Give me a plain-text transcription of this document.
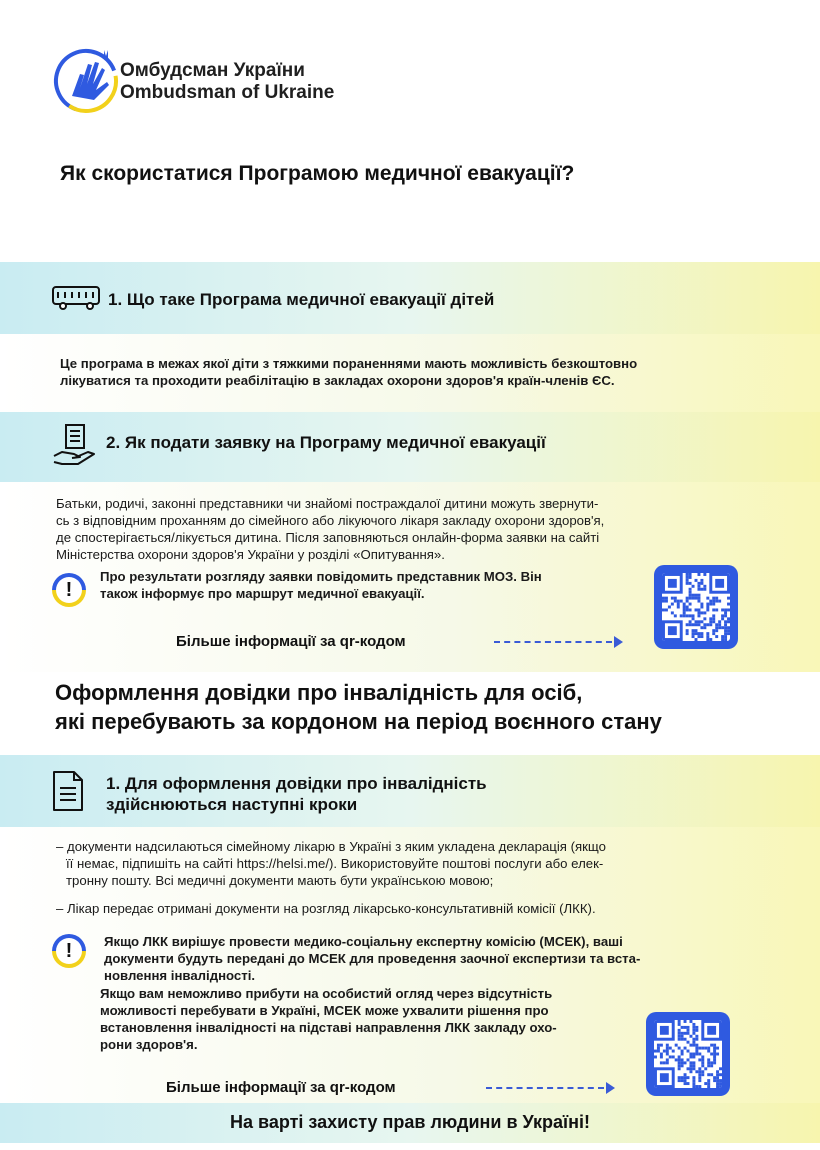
Омбудсман України
Ombudsman of Ukraine
Як скористатися Програмою медичної евакуації?
1. Що таке Програма медичної евакуації дітей
Це програма в межах якої діти з тяжкими пораненнями мають можливість безкоштовно
лікуватися та проходити реабілітацію в закладах охорони здоров'я країн-членів ЄС.
2. Як подати заявку на Програму медичної евакуації
Батьки, родичі, законні представники чи знайомі постраждалої дитини можуть звернути-
сь з відповідним проханням до сімейного або лікуючого лікаря закладу охорони здоров'я,
де спостерігається/лікується дитина. Після заповняються онлайн-форма заявки на сайті
Міністерства охорони здоров'я України у розділі «Опитування».
!
Про результати розгляду заявки повідомить представник МОЗ. Він
також інформує про маршрут медичної евакуації.
Більше інформації за qr-кодом
Оформлення довідки про інвалідність для осіб,
які перебувають за кордоном на період воєнного стану
1. Для оформлення довідки про інвалідність
здійснюються наступні кроки
– документи надсилаються сімейному лікарю в Україні з яким укладена декларація (якщо
її немає, підпишіть на сайті https://helsi.me/). Використовуйте поштові послуги або елек-
тронну пошту. Всі медичні документи мають бути українською мовою;
– Лікар передає отримані документи на розгляд лікарсько-консультативній комісії (ЛКК).
!	Якщо ЛКК вирішує провести медико-соціальну експертну комісію (МСЕК), ваші
документи будуть передані до МСЕК для проведення заочної експертизи та вста-
новлення інвалідності.
Якщо вам неможливо прибути на особистий огляд через відсутність
можливості перебувати в Україні, МСЕК може ухвалити рішення про
встановлення інвалідності на підставі направлення ЛКК закладу охо-
рони здоров'я.
Більше інформації за qr-кодом
На варті захисту прав людини в Україні!
